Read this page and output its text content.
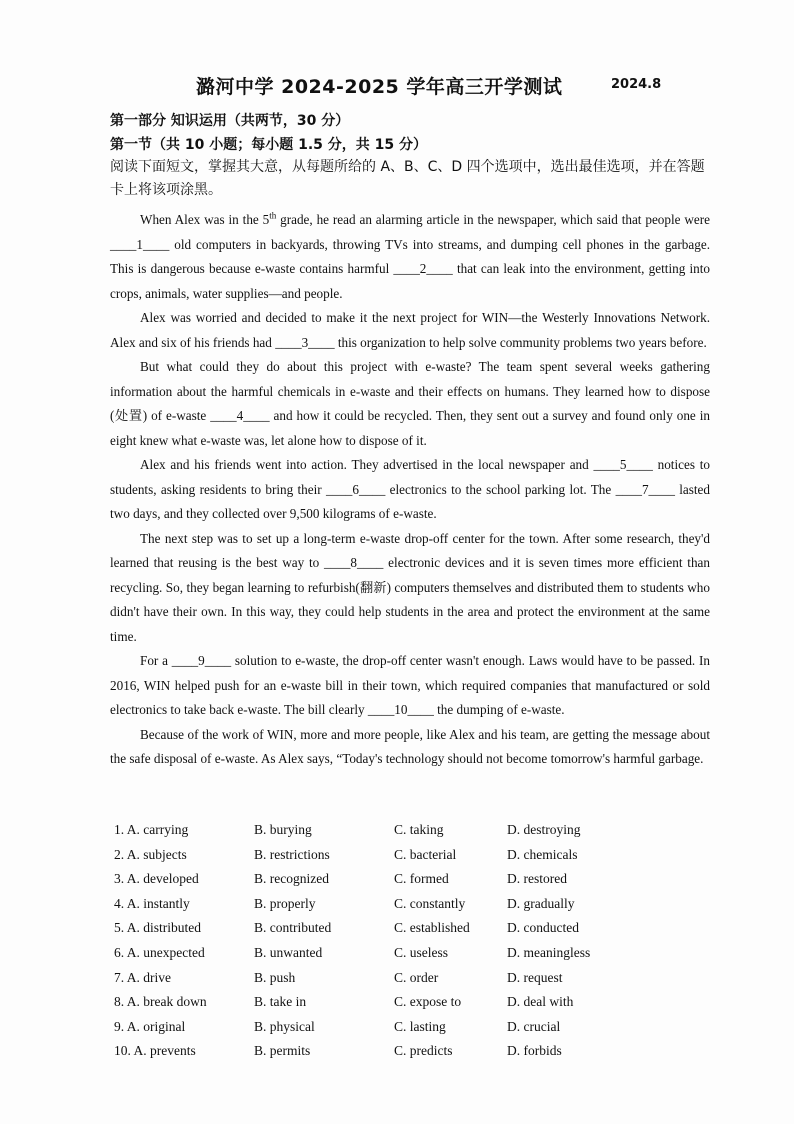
潞河中学 2024-2025 学年高三开学测试	2024.8
第一部分 知识运用（共两节，30 分）
第一节（共 10 小题；每小题 1.5 分，共 15 分）
阅读下面短文，掌握其大意，从每题所给的 A、B、C、D 四个选项中，选出最佳选项，并在答题卡上将该项涂黑。

When Alex was in the 5th grade, he read an alarming article in the newspaper, which said that people were ____1____ old computers in backyards, throwing TVs into streams, and dumping cell phones in the garbage. This is dangerous because e-waste contains harmful ____2____ that can leak into the environment, getting into crops, animals, water supplies—and people.

Alex was worried and decided to make it the next project for WIN—the Westerly Innovations Network. Alex and six of his friends had ____3____ this organization to help solve community problems two years before.

But what could they do about this project with e-waste? The team spent several weeks gathering information about the harmful chemicals in e-waste and their effects on humans. They learned how to dispose (处置) of e-waste ____4____ and how it could be recycled. Then, they sent out a survey and found only one in eight knew what e-waste was, let alone how to dispose of it.

Alex and his friends went into action. They advertised in the local newspaper and ____5____ notices to students, asking residents to bring their ____6____ electronics to the school parking lot. The ____7____ lasted two days, and they collected over 9,500 kilograms of e-waste.

The next step was to set up a long-term e-waste drop-off center for the town. After some research, they'd learned that reusing is the best way to ____8____ electronic devices and it is seven times more efficient than recycling. So, they began learning to refurbish(翻新) computers themselves and distributed them to students who didn't have their own. In this way, they could help students in the area and protect the environment at the same time.

For a ____9____ solution to e-waste, the drop-off center wasn't enough. Laws would have to be passed. In 2016, WIN helped push for an e-waste bill in their town, which required companies that manufactured or sold electronics to take back e-waste. The bill clearly ____10____ the dumping of e-waste.

Because of the work of WIN, more and more people, like Alex and his team, are getting the message about the safe disposal of e-waste. As Alex says, “Today's technology should not become tomorrow's harmful garbage.

1. A. carrying	B. burying	C. taking	D. destroying
2. A. subjects	B. restrictions	C. bacterial	D. chemicals
3. A. developed	B. recognized	C. formed	D. restored
4. A. instantly	B. properly	C. constantly	D. gradually
5. A. distributed	B. contributed	C. established	D. conducted
6. A. unexpected	B. unwanted	C. useless	D. meaningless
7. A. drive	B. push	C. order	D. request
8. A. break down	B. take in	C. expose to	D. deal with
9. A. original	B. physical	C. lasting	D. crucial
10. A. prevents	B. permits	C. predicts	D. forbids
